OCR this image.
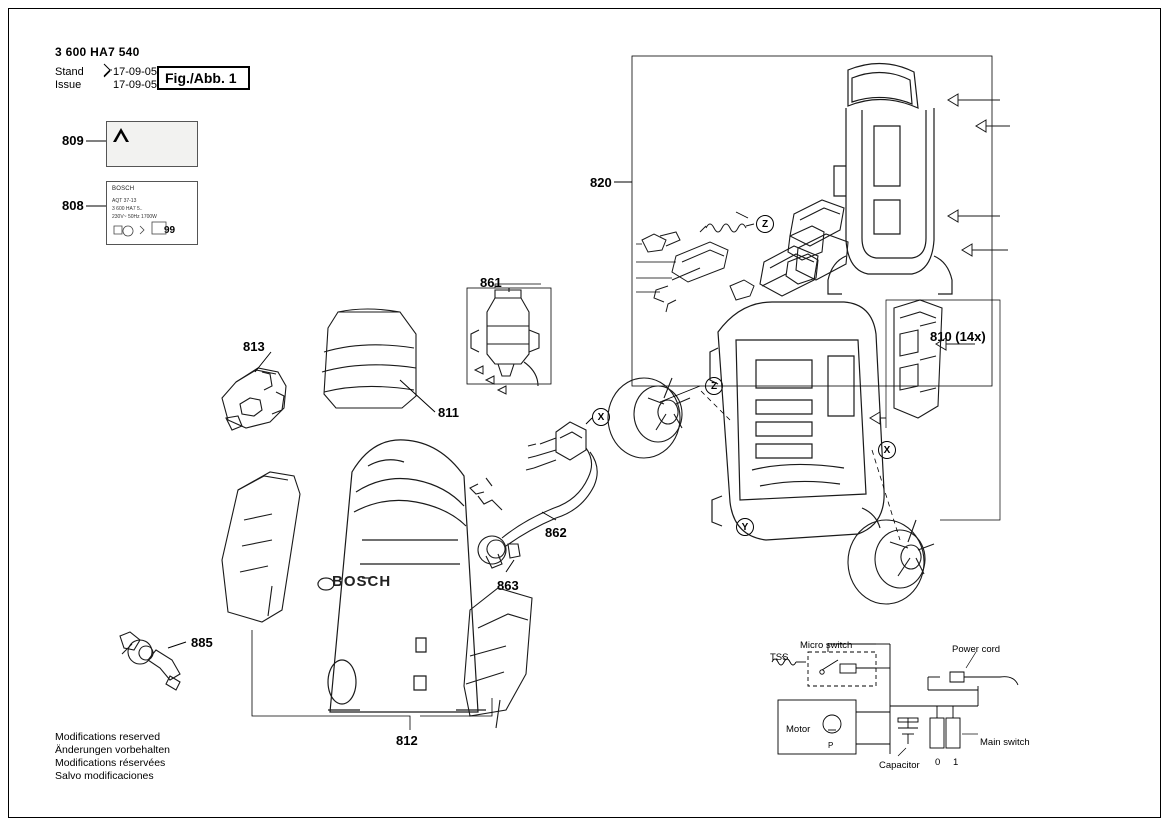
3 600 HA7 540
Stand
Issue
17-09-05
17-09-05 Fig./Abb. 1
!
809
BOSCH
AQT 37-13
3 600 HA7 5..
230V~ 50Hz 1700W
99
808
813
811
861
862
863
812
885
820
810 (14x)
Z
Z
X
X
Y
TSS
Micro switch	Power cord
Motor
Capacitor
Main switch
0 1
Modifications reserved
Änderungen vorbehalten
Modifications réservées
Salvo modificaciones
BOSCH
P
